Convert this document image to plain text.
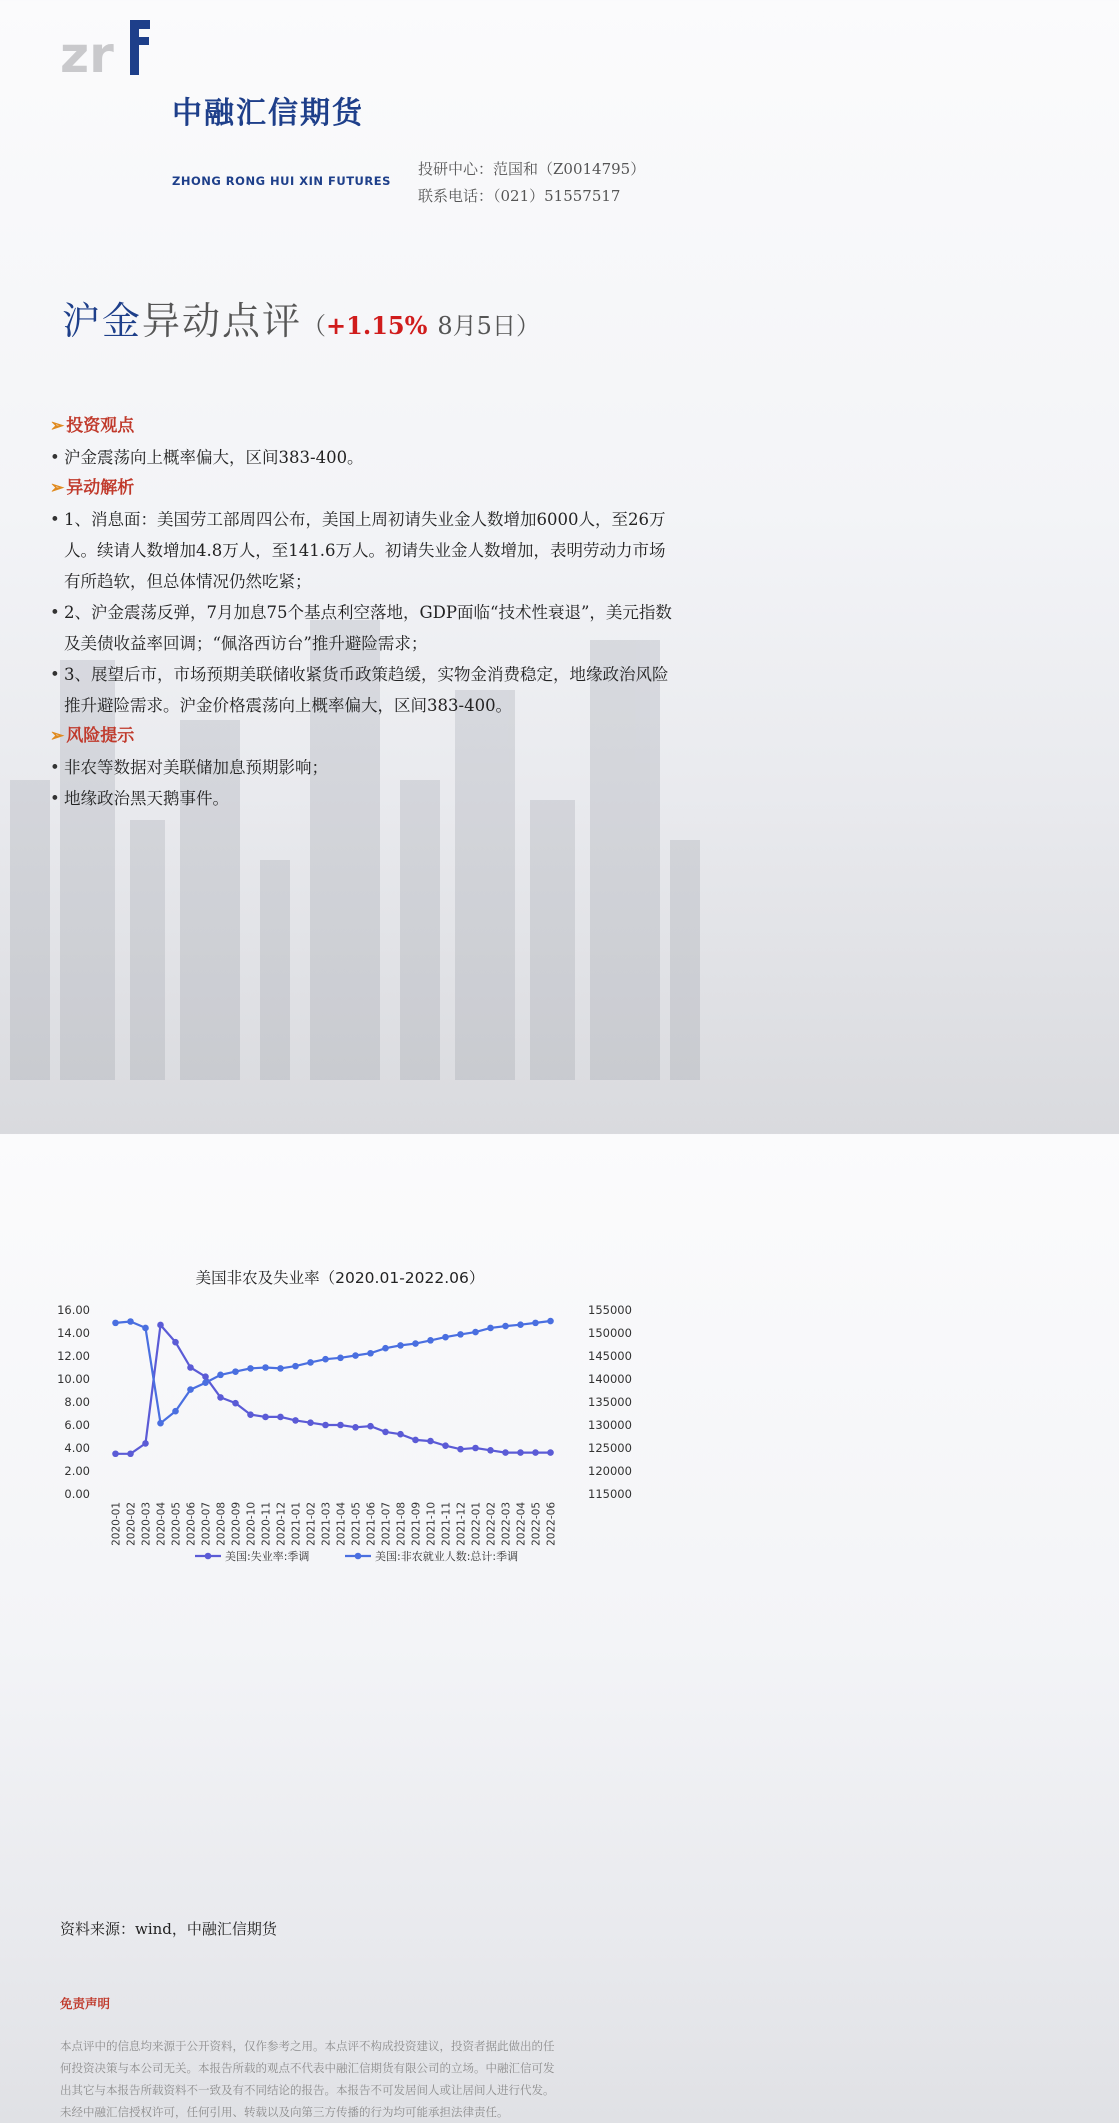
zr
中融汇信期货
ZHONG RONG HUI XIN FUTURES
投研中心：范国和（Z0014795）
联系电话：（021）51557517
沪金异动点评（+1.15% 8月5日）
➢ 投资观点
• 沪金震荡向上概率偏大，区间383-400。
➢ 异动解析
• 1、消息面：美国劳工部周四公布，美国上周初请失业金人数增加6000人，至26万人。续请人数增加4.8万人，至141.6万人。初请失业金人数增加，表明劳动力市场有所趋软，但总体情况仍然吃紧；
• 2、沪金震荡反弹，7月加息75个基点利空落地，GDP面临“技术性衰退”，美元指数及美债收益率回调；“佩洛西访台”推升避险需求；
• 3、展望后市，市场预期美联储收紧货币政策趋缓，实物金消费稳定，地缘政治风险推升避险需求。沪金价格震荡向上概率偏大，区间383-400。
➢ 风险提示
• 非农等数据对美联储加息预期影响；
• 地缘政治黑天鹅事件。
美国非农及失业率（2020.01-2022.06）
0.00
2.00
4.00
6.00
8.00
10.00
12.00
14.00
16.00
115000
120000
125000
130000
135000
140000
145000
150000
155000
2020-01 2020-02 2020-03 2020-04 2020-05 2020-06 2020-07 2020-08 2020-09 2020-10 2020-11 2020-12 2021-01 2021-02 2021-03 2021-04 2021-05 2021-06 2021-07 2021-08 2021-09 2021-10 2021-11 2021-12 2022-01 2022-02 2022-03 2022-04 2022-05 2022-06
美国:失业率:季调	美国:非农就业人数:总计:季调
资料来源：wind，中融汇信期货
免责声明
本点评中的信息均来源于公开资料，仅作参考之用。本点评不构成投资建议，投资者据此做出的任
何投资决策与本公司无关。本报告所载的观点不代表中融汇信期货有限公司的立场。中融汇信可发
出其它与本报告所载资料不一致及有不同结论的报告。本报告不可发居间人或让居间人进行代发。
未经中融汇信授权许可，任何引用、转载以及向第三方传播的行为均可能承担法律责任。
